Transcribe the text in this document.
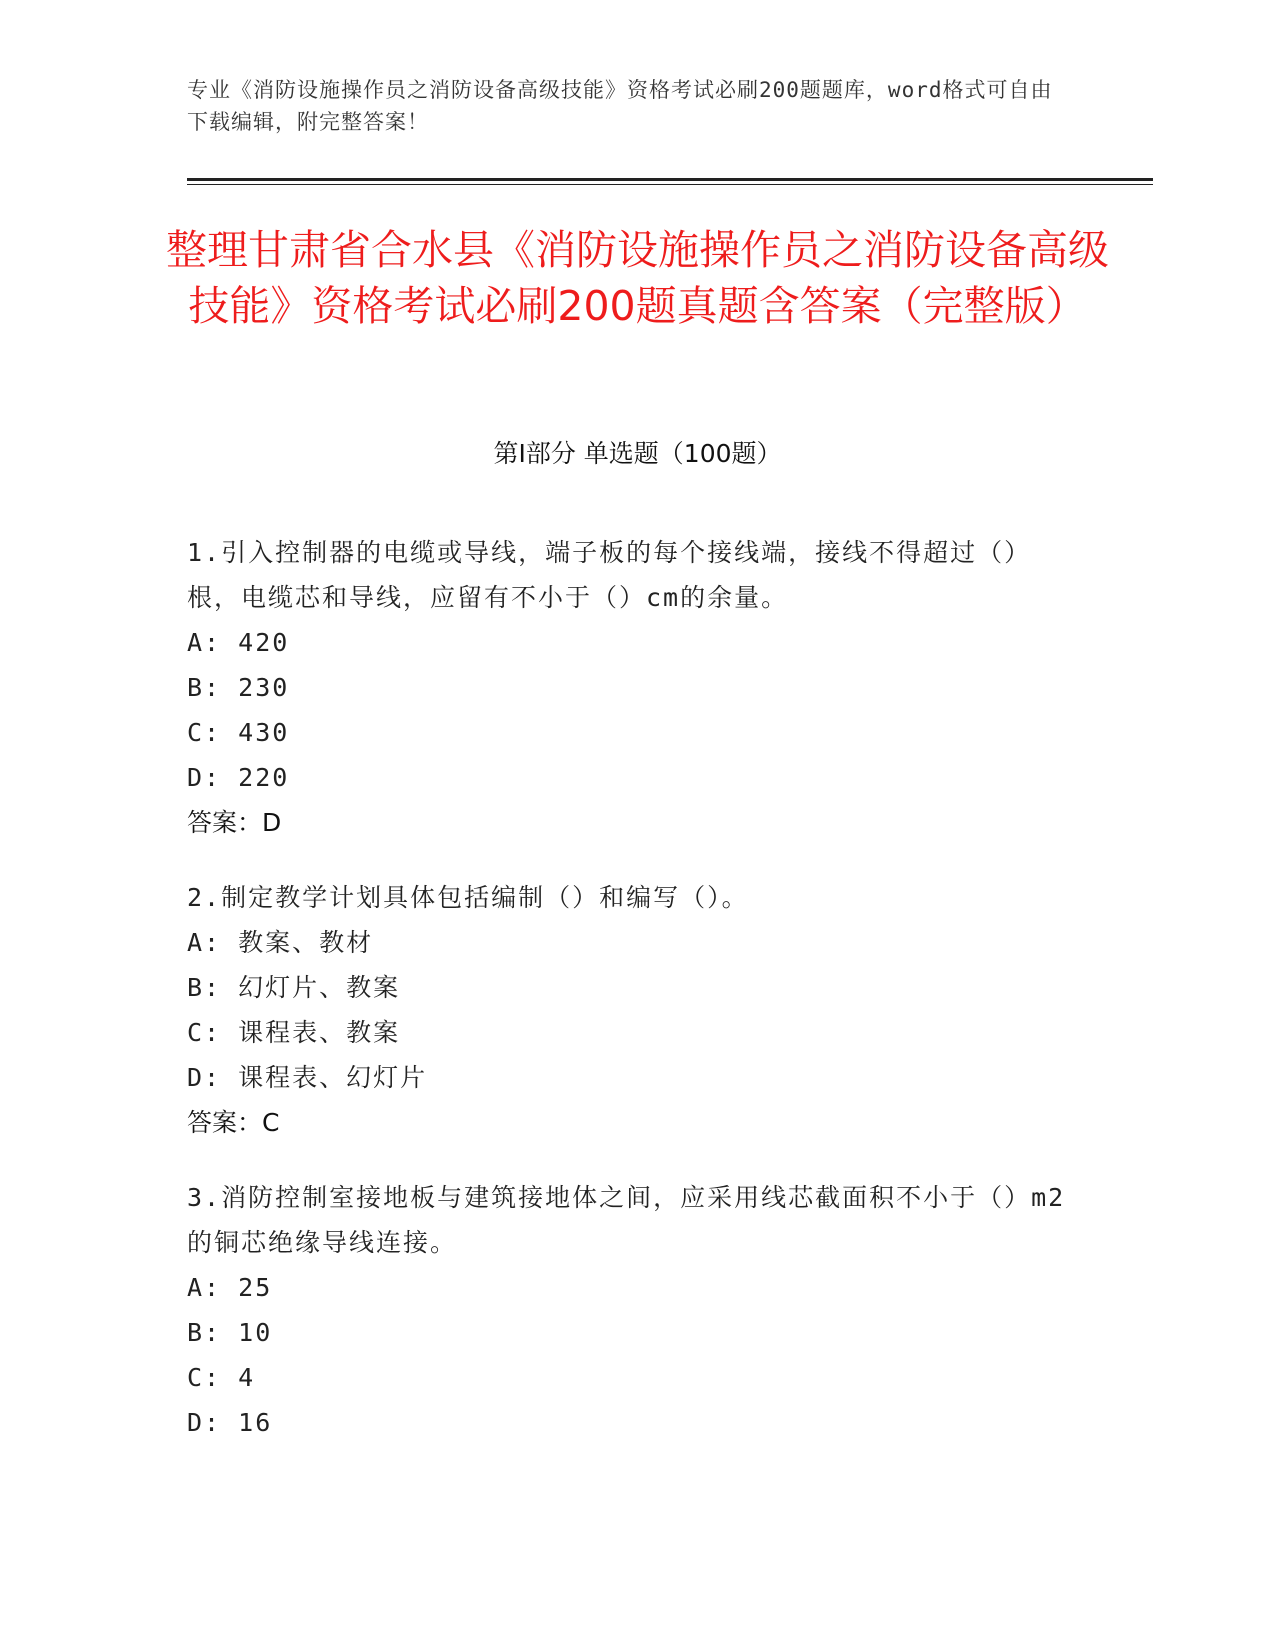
专业《消防设施操作员之消防设备高级技能》资格考试必刷200题题库，word格式可自由下载编辑，附完整答案！
整理甘肃省合水县《消防设施操作员之消防设备高级技能》资格考试必刷200题真题含答案（完整版）
第Ⅰ部分 单选题（100题）
1.引入控制器的电缆或导线，端子板的每个接线端，接线不得超过（）根，电缆芯和导线，应留有不小于（）cm的余量。
A: 420
B: 230
C: 430
D: 220
答案：D
2.制定教学计划具体包括编制（）和编写（）。
A: 教案、教材
B: 幻灯片、教案
C: 课程表、教案
D: 课程表、幻灯片
答案：C
3.消防控制室接地板与建筑接地体之间，应采用线芯截面积不小于（）m2的铜芯绝缘导线连接。
A: 25
B: 10
C: 4
D: 16
